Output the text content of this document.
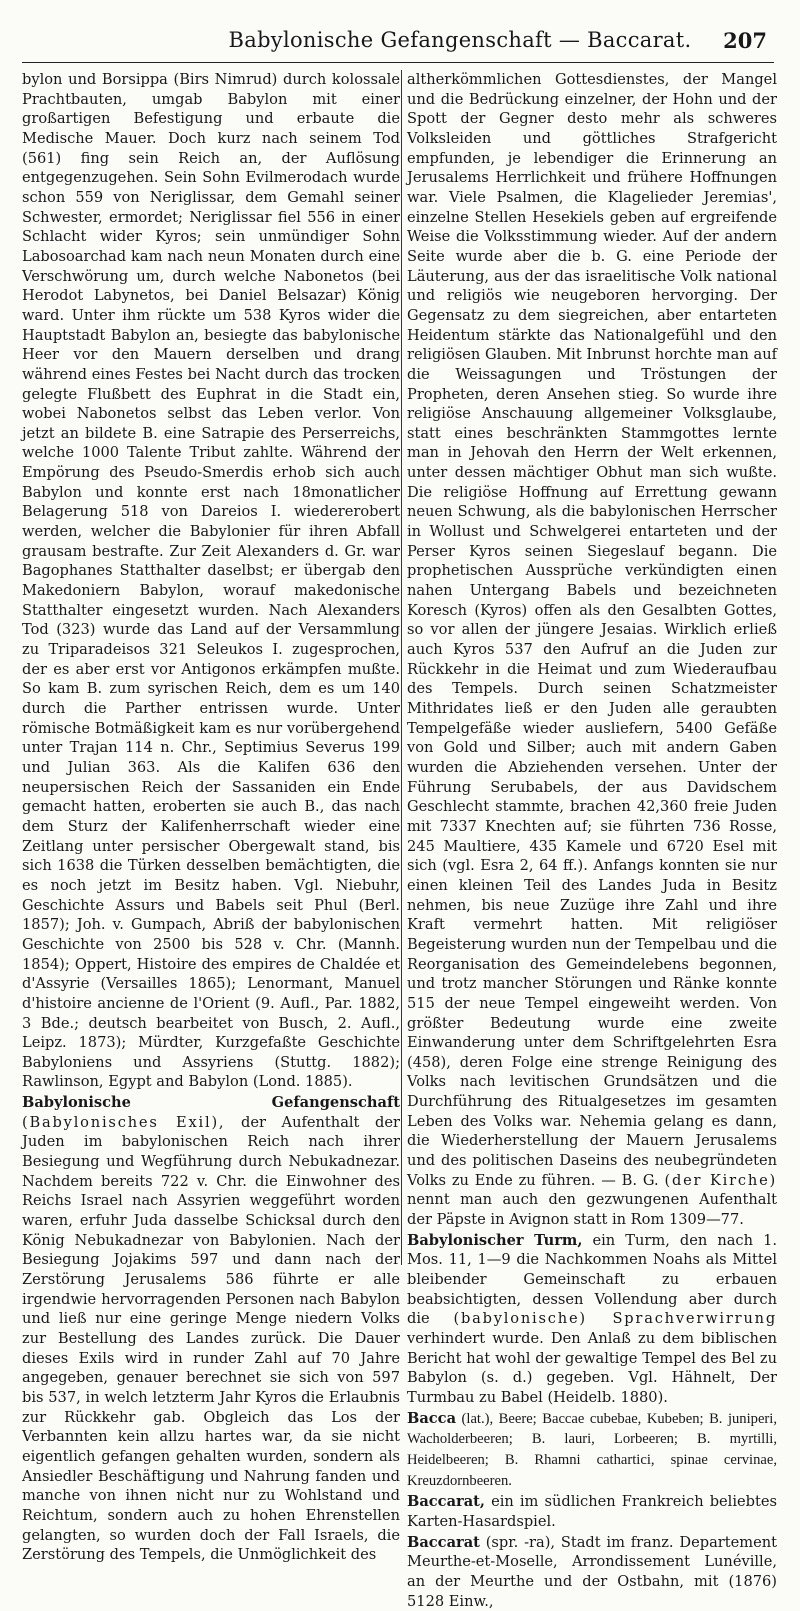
Babylonische Gefangenschaft — Baccarat.	207

bylon und Borsippa (Birs Nimrud) durch kolossale Prachtbauten, umgab Babylon mit einer großartigen Befestigung und erbaute die Medische Mauer. Doch kurz nach seinem Tod (561) fing sein Reich an, der Auflösung entgegenzugehen. Sein Sohn Evilmerodach wurde schon 559 von Neriglissar, dem Gemahl seiner Schwester, ermordet; Neriglissar fiel 556 in einer Schlacht wider Kyros; sein unmündiger Sohn Labosoarchad kam nach neun Monaten durch eine Verschwörung um, durch welche Nabonetos (bei Herodot Labynetos, bei Daniel Belsazar) König ward. Unter ihm rückte um 538 Kyros wider die Hauptstadt Babylon an, besiegte das babylonische Heer vor den Mauern derselben und drang während eines Festes bei Nacht durch das trocken gelegte Flußbett des Euphrat in die Stadt ein, wobei Nabonetos selbst das Leben verlor. Von jetzt an bildete B. eine Satrapie des Perserreichs, welche 1000 Talente Tribut zahlte. Während der Empörung des Pseudo-Smerdis erhob sich auch Babylon und konnte erst nach 18monatlicher Belagerung 518 von Dareios I. wiedererobert werden, welcher die Babylonier für ihren Abfall grausam bestrafte. Zur Zeit Alexanders d. Gr. war Bagophanes Statthalter daselbst; er übergab den Makedoniern Babylon, worauf makedonische Statthalter eingesetzt wurden. Nach Alexanders Tod (323) wurde das Land auf der Versammlung zu Triparadeisos 321 Seleukos I. zugesprochen, der es aber erst vor Antigonos erkämpfen mußte. So kam B. zum syrischen Reich, dem es um 140 durch die Parther entrissen wurde. Unter römische Botmäßigkeit kam es nur vorübergehend unter Trajan 114 n. Chr., Septimius Severus 199 und Julian 363. Als die Kalifen 636 den neupersischen Reich der Sassaniden ein Ende gemacht hatten, eroberten sie auch B., das nach dem Sturz der Kalifenherrschaft wieder eine Zeitlang unter persischer Obergewalt stand, bis sich 1638 die Türken desselben bemächtigten, die es noch jetzt im Besitz haben. Vgl. Niebuhr, Geschichte Assurs und Babels seit Phul (Berl. 1857); Joh. v. Gumpach, Abriß der babylonischen Geschichte von 2500 bis 528 v. Chr. (Mannh. 1854); Oppert, Histoire des empires de Chaldée et d'Assyrie (Versailles 1865); Lenormant, Manuel d'histoire ancienne de l'Orient (9. Aufl., Par. 1882, 3 Bde.; deutsch bearbeitet von Busch, 2. Aufl., Leipz. 1873); Mürdter, Kurzgefaßte Geschichte Babyloniens und Assyriens (Stuttg. 1882); Rawlinson, Egypt and Babylon (Lond. 1885).

Babylonische Gefangenschaft (Babylonisches Exil), der Aufenthalt der Juden im babylonischen Reich nach ihrer Besiegung und Wegführung durch Nebukadnezar. Nachdem bereits 722 v. Chr. die Einwohner des Reichs Israel nach Assyrien weggeführt worden waren, erfuhr Juda dasselbe Schicksal durch den König Nebukadnezar von Babylonien. Nach der Besiegung Jojakims 597 und dann nach der Zerstörung Jerusalems 586 führte er alle irgendwie hervorragenden Personen nach Babylon und ließ nur eine geringe Menge niedern Volks zur Bestellung des Landes zurück. Die Dauer dieses Exils wird in runder Zahl auf 70 Jahre angegeben, genauer berechnet sie sich von 597 bis 537, in welch letzterm Jahr Kyros die Erlaubnis zur Rückkehr gab. Obgleich das Los der Verbannten kein allzu hartes war, da sie nicht eigentlich gefangen gehalten wurden, sondern als Ansiedler Beschäftigung und Nahrung fanden und manche von ihnen nicht nur zu Wohlstand und Reichtum, sondern auch zu hohen Ehrenstellen gelangten, so wurden doch der Fall Israels, die Zerstörung des Tempels, die Unmöglichkeit des

altherkömmlichen Gottesdienstes, der Mangel und die Bedrückung einzelner, der Hohn und der Spott der Gegner desto mehr als schweres Volksleiden und göttliches Strafgericht empfunden, je lebendiger die Erinnerung an Jerusalems Herrlichkeit und frühere Hoffnungen war. Viele Psalmen, die Klagelieder Jeremias', einzelne Stellen Hesekiels geben auf ergreifende Weise die Volksstimmung wieder. Auf der andern Seite wurde aber die b. G. eine Periode der Läuterung, aus der das israelitische Volk national und religiös wie neugeboren hervorging. Der Gegensatz zu dem siegreichen, aber entarteten Heidentum stärkte das Nationalgefühl und den religiösen Glauben. Mit Inbrunst horchte man auf die Weissagungen und Tröstungen der Propheten, deren Ansehen stieg. So wurde ihre religiöse Anschauung allgemeiner Volksglaube, statt eines beschränkten Stammgottes lernte man in Jehovah den Herrn der Welt erkennen, unter dessen mächtiger Obhut man sich wußte. Die religiöse Hoffnung auf Errettung gewann neuen Schwung, als die babylonischen Herrscher in Wollust und Schwelgerei entarteten und der Perser Kyros seinen Siegeslauf begann. Die prophetischen Aussprüche verkündigten einen nahen Untergang Babels und bezeichneten Koresch (Kyros) offen als den Gesalbten Gottes, so vor allen der jüngere Jesaias. Wirklich erließ auch Kyros 537 den Aufruf an die Juden zur Rückkehr in die Heimat und zum Wiederaufbau des Tempels. Durch seinen Schatzmeister Mithridates ließ er den Juden alle geraubten Tempelgefäße wieder ausliefern, 5400 Gefäße von Gold und Silber; auch mit andern Gaben wurden die Abziehenden versehen. Unter der Führung Serubabels, der aus Davidschem Geschlecht stammte, brachen 42,360 freie Juden mit 7337 Knechten auf; sie führten 736 Rosse, 245 Maultiere, 435 Kamele und 6720 Esel mit sich (vgl. Esra 2, 64 ff.). Anfangs konnten sie nur einen kleinen Teil des Landes Juda in Besitz nehmen, bis neue Zuzüge ihre Zahl und ihre Kraft vermehrt hatten. Mit religiöser Begeisterung wurden nun der Tempelbau und die Reorganisation des Gemeindelebens begonnen, und trotz mancher Störungen und Ränke konnte 515 der neue Tempel eingeweiht werden. Von größter Bedeutung wurde eine zweite Einwanderung unter dem Schriftgelehrten Esra (458), deren Folge eine strenge Reinigung des Volks nach levitischen Grundsätzen und die Durchführung des Ritualgesetzes im gesamten Leben des Volks war. Nehemia gelang es dann, die Wiederherstellung der Mauern Jerusalems und des politischen Daseins des neubegründeten Volks zu Ende zu führen. — B. G. (der Kirche) nennt man auch den gezwungenen Aufenthalt der Päpste in Avignon statt in Rom 1309—77.

Babylonischer Turm, ein Turm, den nach 1. Mos. 11, 1—9 die Nachkommen Noahs als Mittel bleibender Gemeinschaft zu erbauen beabsichtigten, dessen Vollendung aber durch die (babylonische) Sprachverwirrung verhindert wurde. Den Anlaß zu dem biblischen Bericht hat wohl der gewaltige Tempel des Bel zu Babylon (s. d.) gegeben. Vgl. Hähnelt, Der Turmbau zu Babel (Heidelb. 1880).

Bacca (lat.), Beere; Baccae cubebae, Kubeben; B. juniperi, Wacholderbeeren; B. lauri, Lorbeeren; B. myrtilli, Heidelbeeren; B. Rhamni cathartici, spinae cervinae, Kreuzdornbeeren.

Baccarat, ein im südlichen Frankreich beliebtes Karten-Hasardspiel.

Baccarat (spr. -ra), Stadt im franz. Departement Meurthe-et-Moselle, Arrondissement Lunéville, an der Meurthe und der Ostbahn, mit (1876) 5128 Einw.,
